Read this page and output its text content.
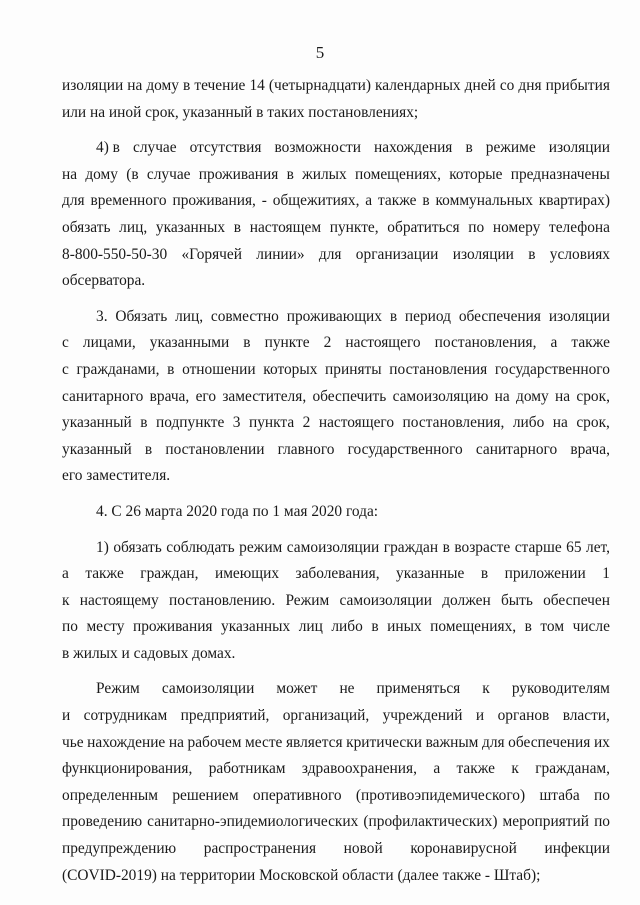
5
изоляции на дому в течение 14 (четырнадцати) календарных дней со дня прибытия
или на иной срок, указанный в таких постановлениях;
4) в случае отсутствия возможности нахождения в режиме изоляции
на дому (в случае проживания в жилых помещениях, которые предназначены
для временного проживания, - общежитиях, а также в коммунальных квартирах)
обязать лиц, указанных в настоящем пункте, обратиться по номеру телефона
8-800-550-50-30 «Горячей линии» для организации изоляции в условиях
обсерватора.
3. Обязать лиц, совместно проживающих в период обеспечения изоляции
с лицами, указанными в пункте 2 настоящего постановления, а также
с гражданами, в отношении которых приняты постановления государственного
санитарного врача, его заместителя, обеспечить самоизоляцию на дому на срок,
указанный в подпункте 3 пункта 2 настоящего постановления, либо на срок,
указанный в постановлении главного государственного санитарного врача,
его заместителя.
4. С 26 марта 2020 года по 1 мая 2020 года:
1) обязать соблюдать режим самоизоляции граждан в возрасте старше 65 лет,
а также граждан, имеющих заболевания, указанные в приложении 1
к настоящему постановлению. Режим самоизоляции должен быть обеспечен
по месту проживания указанных лиц либо в иных помещениях, в том числе
в жилых и садовых домах.
Режим самоизоляции может не применяться к руководителям
и сотрудникам предприятий, организаций, учреждений и органов власти,
чье нахождение на рабочем месте является критически важным для обеспечения их
функционирования, работникам здравоохранения, а также к гражданам,
определенным решением оперативного (противоэпидемического) штаба по
проведению санитарно-эпидемиологических (профилактических) мероприятий по
предупреждению распространения новой коронавирусной инфекции
(COVID-2019) на территории Московской области (далее также - Штаб);
